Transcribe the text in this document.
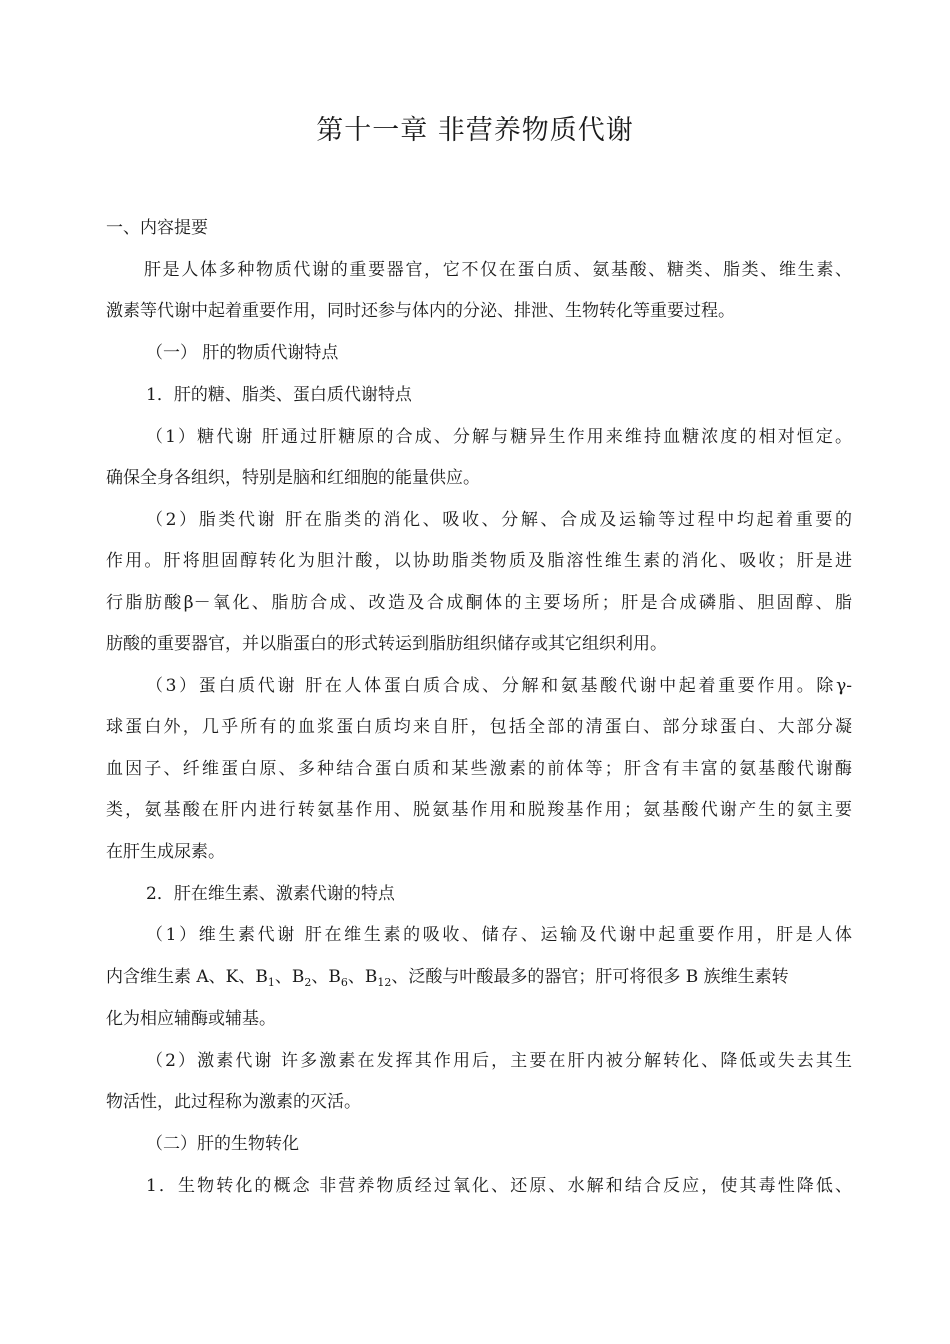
第十一章 非营养物质代谢
一、内容提要
肝是人体多种物质代谢的重要器官，它不仅在蛋白质、氨基酸、糖类、脂类、维生素、
激素等代谢中起着重要作用，同时还参与体内的分泌、排泄、生物转化等重要过程。
（一） 肝的物质代谢特点
1．肝的糖、脂类、蛋白质代谢特点
（1）糖代谢 肝通过肝糖原的合成、分解与糖异生作用来维持血糖浓度的相对恒定。
确保全身各组织，特别是脑和红细胞的能量供应。
（2）脂类代谢 肝在脂类的消化、吸收、分解、合成及运输等过程中均起着重要的
作用。肝将胆固醇转化为胆汁酸，以协助脂类物质及脂溶性维生素的消化、吸收；肝是进
行脂肪酸β－氧化、脂肪合成、改造及合成酮体的主要场所；肝是合成磷脂、胆固醇、脂
肪酸的重要器官，并以脂蛋白的形式转运到脂肪组织储存或其它组织利用。
（3）蛋白质代谢 肝在人体蛋白质合成、分解和氨基酸代谢中起着重要作用。除γ-
球蛋白外，几乎所有的血浆蛋白质均来自肝，包括全部的清蛋白、部分球蛋白、大部分凝
血因子、纤维蛋白原、多种结合蛋白质和某些激素的前体等；肝含有丰富的氨基酸代谢酶
类，氨基酸在肝内进行转氨基作用、脱氨基作用和脱羧基作用；氨基酸代谢产生的氨主要
在肝生成尿素。
2．肝在维生素、激素代谢的特点
（1）维生素代谢 肝在维生素的吸收、储存、运输及代谢中起重要作用，肝是人体
内含维生素 A、K、$B_1$、$B_2$、$B_6$、$B_{12}$、泛酸与叶酸最多的器官；肝可将很多 B 族维生素转
化为相应辅酶或辅基。
（2）激素代谢 许多激素在发挥其作用后，主要在肝内被分解转化、降低或失去其生
物活性，此过程称为激素的灭活。
（二）肝的生物转化
1．生物转化的概念 非营养物质经过氧化、还原、水解和结合反应，使其毒性降低、
